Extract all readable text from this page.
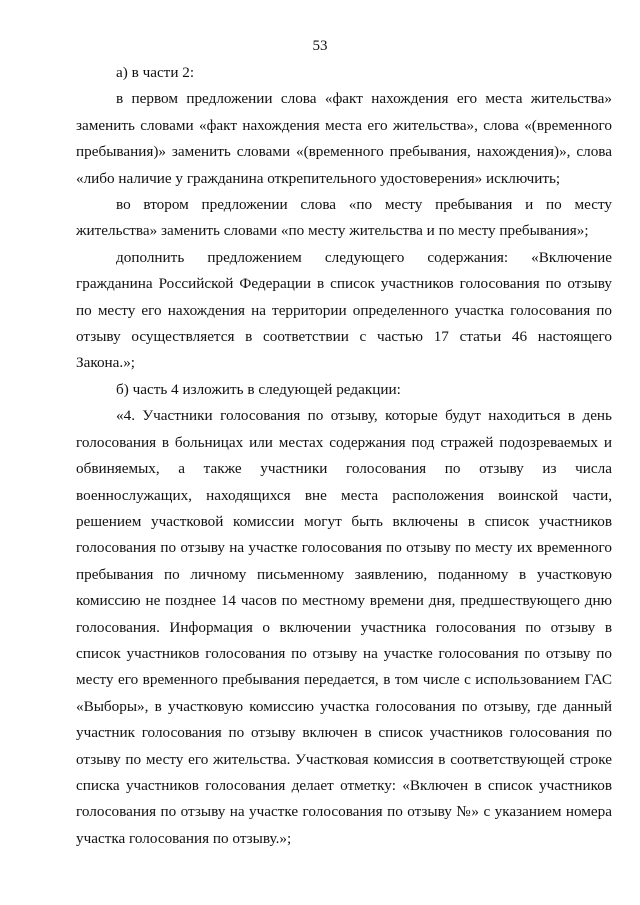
53

а) в части 2:

в первом предложении слова «факт нахождения его места жительства» заменить словами «факт нахождения места его жительства», слова «(временного пребывания)» заменить словами «(временного пребывания, нахождения)», слова «либо наличие у гражданина открепительного удостоверения» исключить;

во втором предложении слова «по месту пребывания и по месту жительства» заменить словами «по месту жительства и по месту пребывания»;

дополнить предложением следующего содержания: «Включение гражданина Российской Федерации в список участников голосования по отзыву по месту его нахождения на территории определенного участка голосования по отзыву осуществляется в соответствии с частью 17 статьи 46 настоящего Закона.»;

б) часть 4 изложить в следующей редакции:

«4. Участники голосования по отзыву, которые будут находиться в день голосования в больницах или местах содержания под стражей подозреваемых и обвиняемых, а также участники голосования по отзыву из числа военнослужащих, находящихся вне места расположения воинской части, решением участковой комиссии могут быть включены в список участников голосования по отзыву на участке голосования по отзыву по месту их временного пребывания по личному письменному заявлению, поданному в участковую комиссию не позднее 14 часов по местному времени дня, предшествующего дню голосования. Информация о включении участника голосования по отзыву в список участников голосования по отзыву на участке голосования по отзыву по месту его временного пребывания передается, в том числе с использованием ГАС «Выборы», в участковую комиссию участка голосования по отзыву, где данный участник голосования по отзыву включен в список участников голосования по отзыву по месту его жительства. Участковая комиссия в соответствующей строке списка участников голосования делает отметку: «Включен в список участников голосования по отзыву на участке голосования по отзыву №» с указанием номера участка голосования по отзыву.»;
